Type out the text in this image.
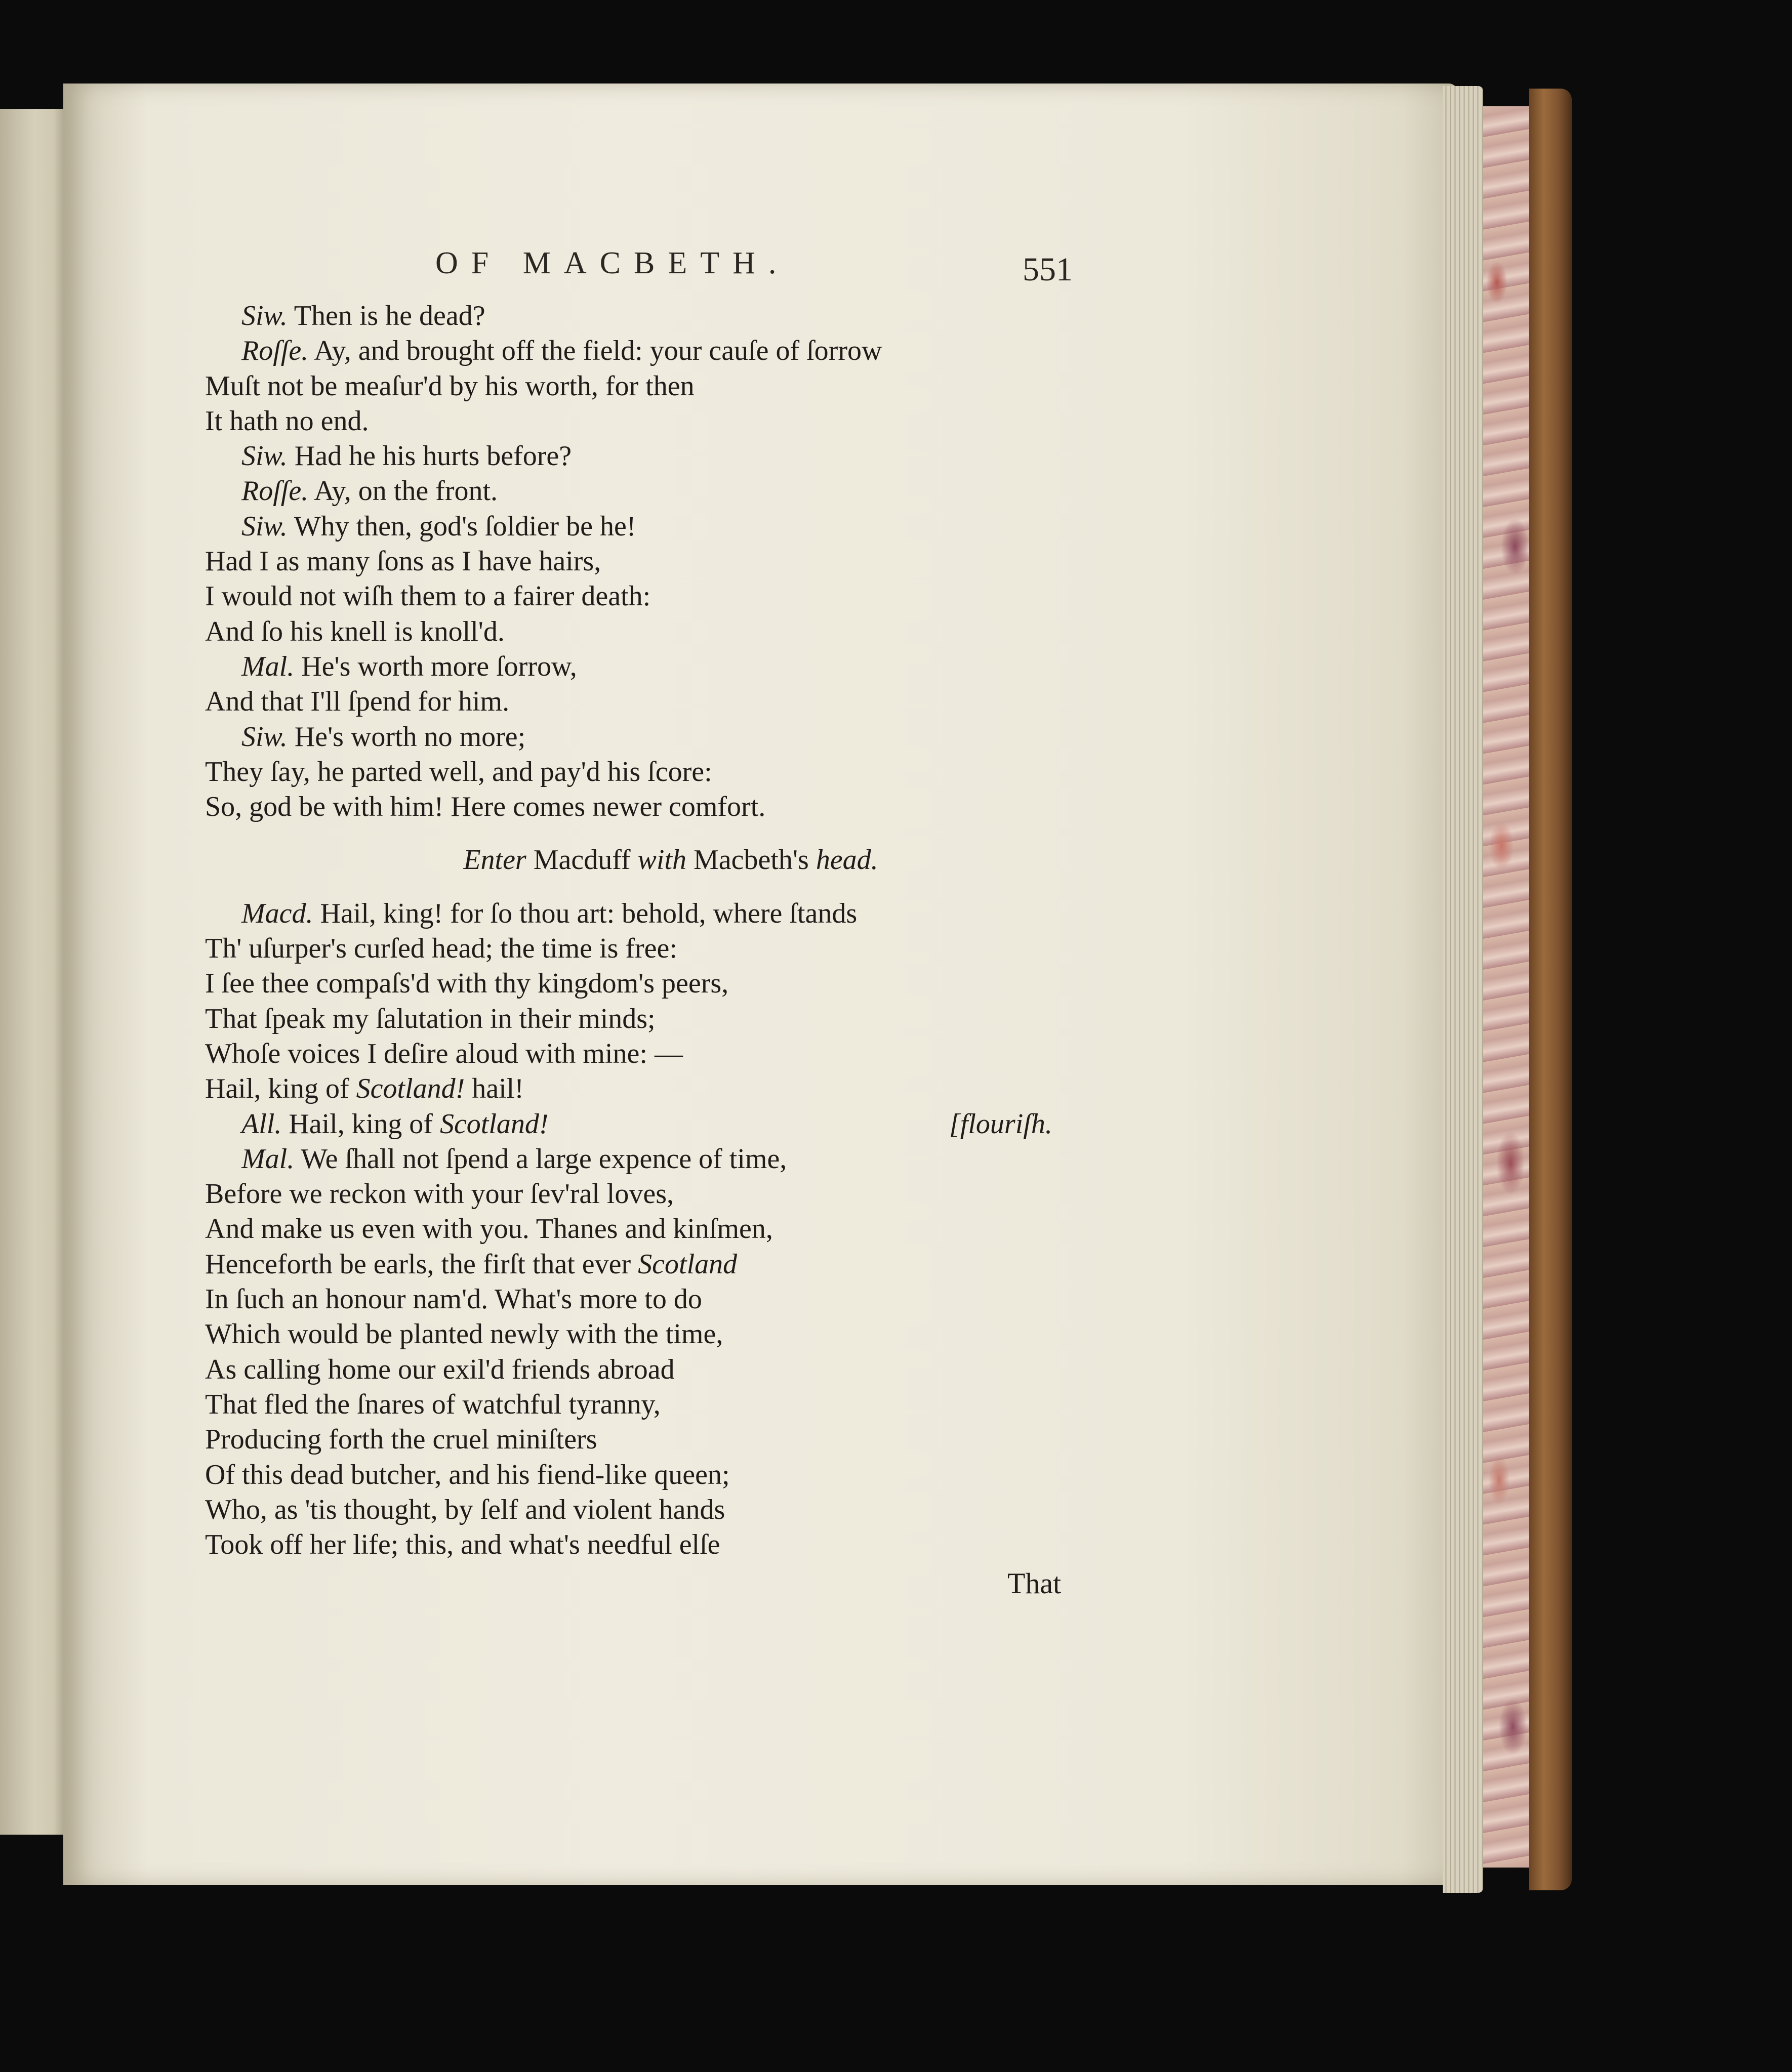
OF MACBETH.	551
Siw. Then is he dead?
Roſſe. Ay, and brought off the field: your cauſe of ſorrow
Muſt not be meaſur'd by his worth, for then
It hath no end.
Siw. Had he his hurts before?
Roſſe. Ay, on the front.
Siw. Why then, god's ſoldier be he!
Had I as many ſons as I have hairs,
I would not wiſh them to a fairer death:
And ſo his knell is knoll'd.
Mal. He's worth more ſorrow,
And that I'll ſpend for him.
Siw. He's worth no more;
They ſay, he parted well, and pay'd his ſcore:
So, god be with him! Here comes newer comfort.
Enter Macduff with Macbeth's head.
Macd. Hail, king! for ſo thou art: behold, where ſtands
Th' uſurper's curſed head; the time is free:
I ſee thee compaſs'd with thy kingdom's peers,
That ſpeak my ſalutation in their minds;
Whoſe voices I deſire aloud with mine: —
Hail, king of Scotland! hail!
All. Hail, king of Scotland!	[flouriſh.
Mal. We ſhall not ſpend a large expence of time,
Before we reckon with your ſev'ral loves,
And make us even with you. Thanes and kinſmen,
Henceforth be earls, the firſt that ever Scotland
In ſuch an honour nam'd. What's more to do
Which would be planted newly with the time,
As calling home our exil'd friends abroad
That fled the ſnares of watchful tyranny,
Producing forth the cruel miniſters
Of this dead butcher, and his fiend-like queen;
Who, as 'tis thought, by ſelf and violent hands
Took off her life; this, and what's needful elſe
That
